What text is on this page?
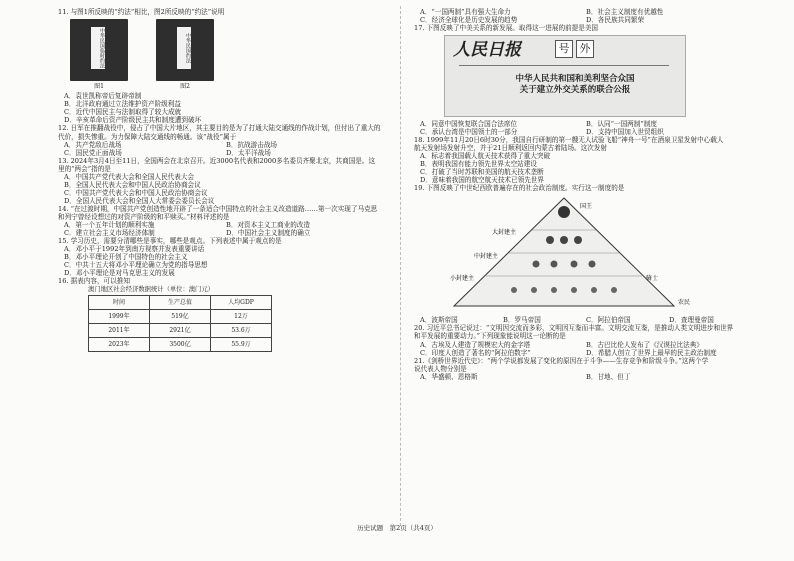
11. 与图1所反映的“约法”相比，图2所反映的“约法”说明

中华民国临时约法
图1
中华民国约法
图2

A．袁世凯称帝后复辟帝制

B．北洋政府通过立法维护资产阶级利益

C．近代中国民主与法制取得了较大成就

D．辛亥革命后资产阶级民主共和制度遭到破坏

12. 日军在推翻战役中，侵占了中国大片地区，其主要目的是为了打通大陆交通线的作战计划，但付出了重大的

代价，损失惨重。为力保障大陆交通线的畅通。该“战役”属于

A．共产党敌后战场	B．抗战游击战场
C．国民党正面战场	D．太平洋战场

13. 2024年3月4日至11日，全国两会在北京召开。近3000名代表和2000多名委员齐聚北京，共商国是。这

里的“两会”指的是

A．中国共产党代表大会和全国人民代表大会

B．全国人民代表大会和中国人民政治协商会议

C．中国共产党代表大会和中国人民政治协商会议

D．全国人民代表大会和全国人大常委会委员长会议

14. “在过渡时期，中国共产党创造性地开辟了一条适合中国特点的社会主义改造道路……第一次实现了马克思

和列宁曾经设想过的对资产阶级的和平赎买。”材料评述的是

A．第一个五年计划的顺利实施	B．对资本主义工商业的改造
C．建立社会主义市场经济体制	D．中国社会主义制度的确立

15. 学习历史，需要分清哪些是事实，哪些是观点。下列表述中属于观点的是

A．邓小平于1992年到南方视察并发表重要讲话

B．邓小平理论开创了中国特色的社会主义

C．中共十五大将邓小平理论确立为党的指导思想

D．邓小平理论是对马克思主义的发展

16. 据表内容，可以推知

澳门地区社会经济数据统计（单位：澳门元）

时间	生产总值	人均GDP
1999年	519亿	12万
2011年	2921亿	53.6万
2023年	3500亿	55.9万
A．“一国两制”具有强大生命力	B．社会主义制度有优越性
C．经济全球化是历史发展的趋势	D．各民族共同繁荣

17. 下图反映了中美关系的新发展。取得这一进展的前提是美国

人民日报	号 外
中华人民共和国和美利坚合众国
关于建立外交关系的联合公报
A．同意中国恢复联合国合法席位	B．认同“一国两制”制度
C．承认台湾是中国领土的一部分	D．支持中国加入世贸组织

18. 1999年11月20日6时30分，我国自行研制的第一艘无人试验飞船“神舟一号”在酒泉卫星发射中心载人

航天发射场发射升空，并于21日顺利返回内蒙古着陆场。这次发射

A．标志着我国载人航天技术获得了重大突破

B．表明我国有能力领先世界太空站建设

C．打破了当时苏联和美国的航天技术垄断

D．意味着我国的航空航天技术已领先世界

19. 下图反映了中世纪西欧普遍存在的社会政治制度。实行这一制度的是

国王
大封建主
中封建主
小封建主	骑士
农民
A．波斯帝国	B．罗马帝国	C．阿拉伯帝国	D．查理曼帝国

20. 习近平总书记说过：“文明因交流而多彩，文明因互鉴而丰富。文明交流互鉴，是推动人类文明进步和世界

和平发展的重要动力。”下列现象能说明这一论断的是

A．古埃及人建造了规模宏大的金字塔	B．古巴比伦人发布了《汉谟拉比法典》
C．印度人创造了著名的“阿拉伯数字”	D．希腊人创立了世界上最早的民主政治制度

21.《剑桥世界近代史》：“两个学说都发展了变化的原因在于斗争——生存竞争和阶级斗争。”这两个学

说代表人物分别是

A．华盛顿、恩格斯	B．甘地、但丁
历史试题　第2页（共4页）
